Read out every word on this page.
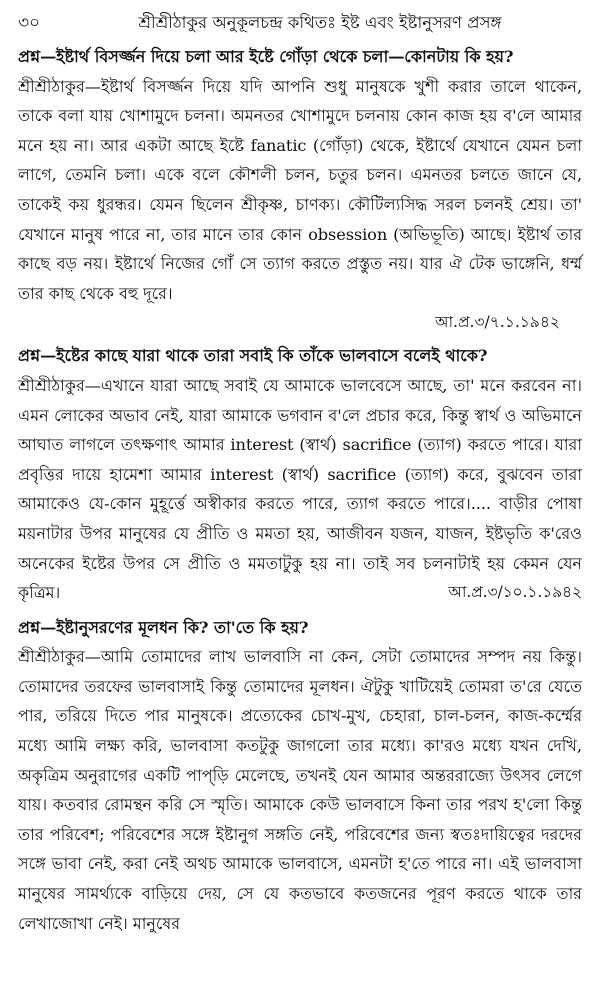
৩০	শ্রীশ্রীঠাকুর অনুকূলচন্দ্র কথিতঃ ইষ্ট এবং ইষ্টানুসরণ প্রসঙ্গ

প্রশ্ন—ইষ্টার্থ বিসর্জ্জন দিয়ে চলা আর ইষ্টে গোঁড়া থেকে চলা—কোনটায় কি হয়?

শ্রীশ্রীঠাকুর—ইষ্টার্থ বিসর্জ্জন দিয়ে যদি আপনি শুধু মানুষকে খুশী করার তালে থাকেন, তাকে বলা যায় খোশামুদে চলনা। অমনতর খোশামুদে চলনায় কোন কাজ হয় ব'লে আমার মনে হয় না। আর একটা আছে ইষ্টে fanatic (গোঁড়া) থেকে, ইষ্টার্থে যেখানে যেমন চলা লাগে, তেমনি চলা। একে বলে কৌশলী চলন, চতুর চলন। এমনতর চলতে জানে যে, তাকেই কয় ধুরন্ধর। যেমন ছিলেন শ্রীকৃষ্ণ, চাণক্য। কৌটিল্যসিদ্ধ সরল চলনই শ্রেয়। তা' যেখানে মানুষ পারে না, তার মানে তার কোন obsession (অভিভূতি) আছে। ইষ্টার্থ তার কাছে বড় নয়। ইষ্টার্থে নিজের গোঁ সে ত্যাগ করতে প্রস্তুত নয়। যার ঐ টেক ভাঙ্গেনি, ধর্ম্ম তার কাছ থেকে বহু দূরে।

আ.প্র.৩/৭.১.১৯৪২

প্রশ্ন—ইষ্টের কাছে যারা থাকে তারা সবাই কি তাঁকে ভালবাসে বলেই থাকে?

শ্রীশ্রীঠাকুর—এখানে যারা আছে সবাই যে আমাকে ভালবেসে আছে, তা' মনে করবেন না। এমন লোকের অভাব নেই, যারা আমাকে ভগবান ব'লে প্রচার করে, কিন্তু স্বার্থ ও অভিমানে আঘাত লাগলে তৎক্ষণাৎ আমার interest (স্বার্থ) sacrifice (ত্যাগ) করতে পারে। যারা প্রবৃত্তির দায়ে হামেশা আমার interest (স্বার্থ) sacrifice (ত্যাগ) করে, বুঝবেন তারা আমাকেও যে-কোন মুহূর্ত্তে অস্বীকার করতে পারে, ত্যাগ করতে পারে।.... বাড়ীর পোষা ময়নাটার উপর মানুষের যে প্রীতি ও মমতা হয়, আজীবন যজন, যাজন, ইষ্টভৃতি ক'রেও অনেকের ইষ্টের উপর সে প্রীতি ও মমতাটুকু হয় না। তাই সব চলনাটাই হয় কেমন যেন কৃত্রিম।	আ.প্র.৩/১০.১.১৯৪২

প্রশ্ন—ইষ্টানুসরণের মূলধন কি? তা'তে কি হয়?

শ্রীশ্রীঠাকুর—আমি তোমাদের লাখ ভালবাসি না কেন, সেটা তোমাদের সম্পদ নয় কিন্তু। তোমাদের তরফের ভালবাসাই কিন্তু তোমাদের মূলধন। ঐটুকু খাটিয়েই তোমরা ত'রে যেতে পার, তরিয়ে দিতে পার মানুষকে। প্রত্যেকের চোখ-মুখ, চেহারা, চাল-চলন, কাজ-কর্ম্মের মধ্যে আমি লক্ষ্য করি, ভালবাসা কতটুকু জাগলো তার মধ্যে। কা'রও মধ্যে যখন দেখি, অকৃত্রিম অনুরাগের একটি পাপ্‌ড়ি মেলেছে, তখনই যেন আমার অন্তররাজ্যে উৎসব লেগে যায়। কতবার রোমন্থন করি সে স্মৃতি। আমাকে কেউ ভালবাসে কিনা তার পরখ হ'লো কিন্তু তার পরিবেশ; পরিবেশের সঙ্গে ইষ্টানুগ সঙ্গতি নেই, পরিবেশের জন্য স্বতঃদায়িত্বের দরদের সঙ্গে ভাবা নেই, করা নেই অথচ আমাকে ভালবাসে, এমনটা হ'তে পারে না। এই ভালবাসা মানুষের সামর্থ্যকে বাড়িয়ে দেয়, সে যে কতভাবে কতজনের পূরণ করতে থাকে তার লেখাজোখা নেই। মানুষের
